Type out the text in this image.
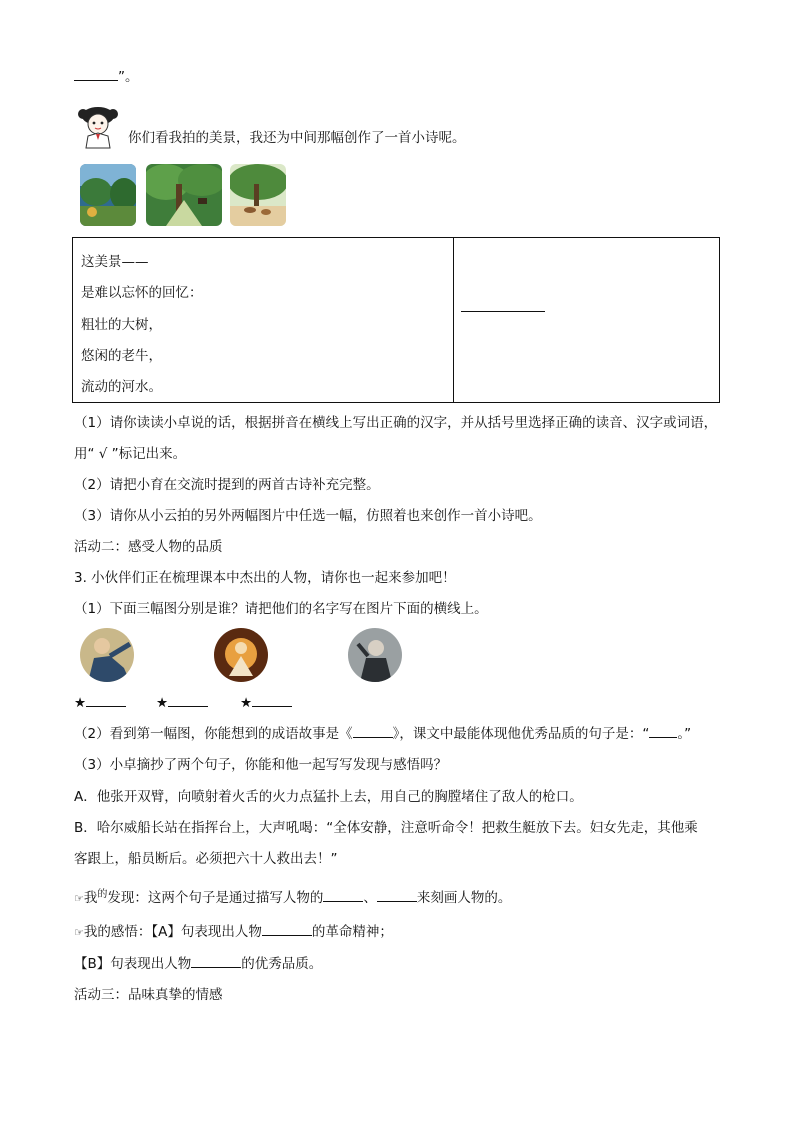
”。
你们看我拍的美景，我还为中间那幅创作了一首小诗呢。
这美景——
是难以忘怀的回忆：
粗壮的大树，
悠闲的老牛，
流动的河水。
（1）请你读读小卓说的话，根据拼音在横线上写出正确的汉字，并从括号里选择正确的读音、汉字或词语，
用“ √ ”标记出来。
（2）请把小育在交流时提到的两首古诗补充完整。
（3）请你从小云拍的另外两幅图片中任选一幅，仿照着也来创作一首小诗吧。
活动二：感受人物的品质
3. 小伙伴们正在梳理课本中杰出的人物，请你也一起来参加吧！
（1）下面三幅图分别是谁？请把他们的名字写在图片下面的横线上。
★	★	★
（2）看到第一幅图，你能想到的成语故事是《	》，课文中最能体现他优秀品质的句子是：“ 。”
（3）小卓摘抄了两个句子，你能和他一起写写发现与感悟吗？
A．他张开双臂，向喷射着火舌的火力点猛扑上去，用自己的胸膛堵住了敌人的枪口。
B．哈尔威船长站在指挥台上，大声吼喝：“全体安静，注意听命令！把救生艇放下去。妇女先走，其他乘
客跟上，船员断后。必须把六十人救出去！”
☞我$^的$发现：这两个句子是通过描写人物的	、	来刻画人物的。
☞我的感悟：【A】句表现出人物	的革命精神；
【B】句表现出人物	的优秀品质。
活动三：品味真挚的情感
